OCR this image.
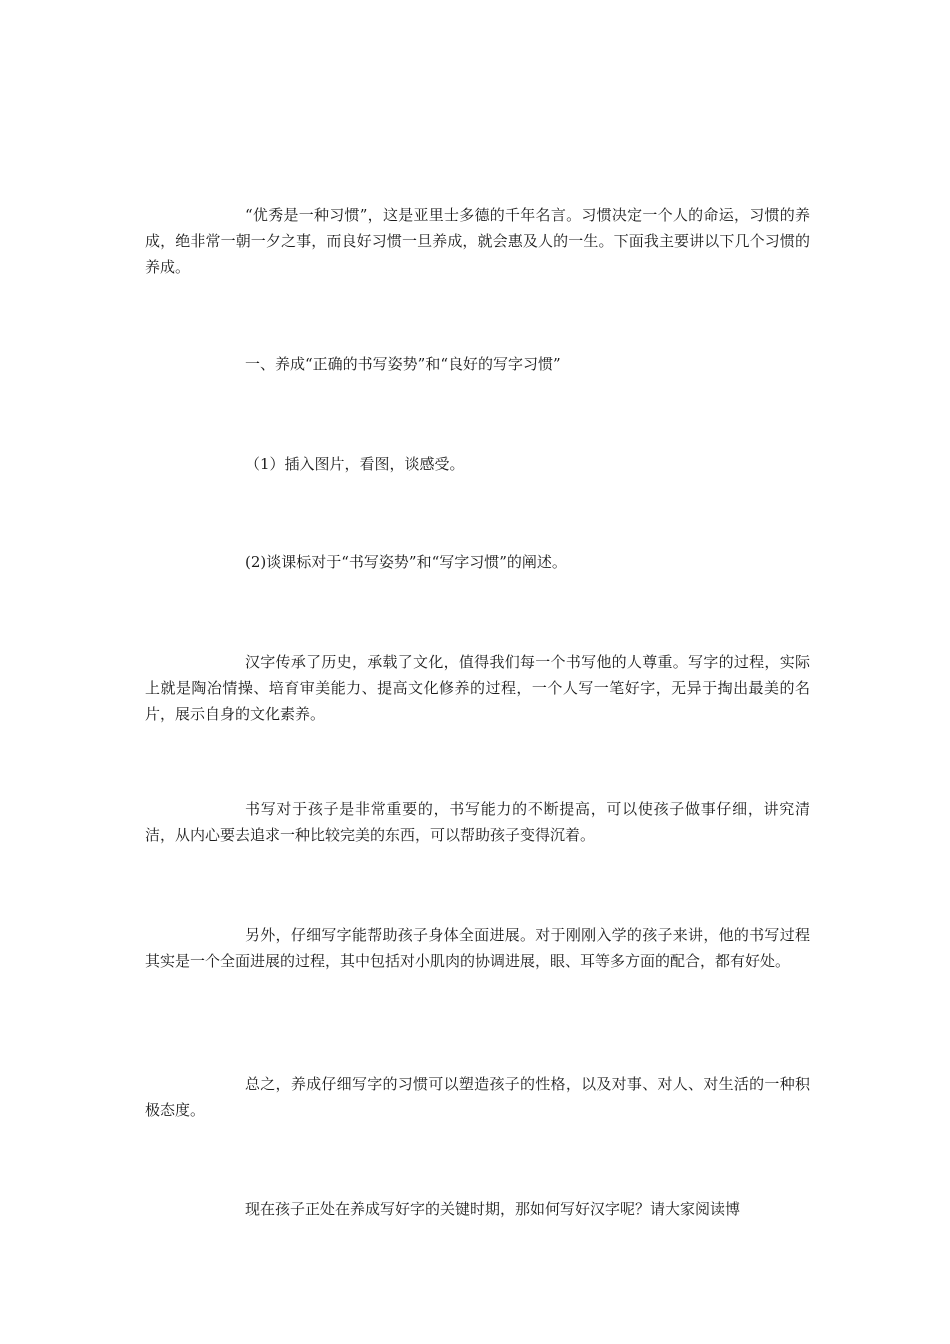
“优秀是一种习惯”，这是亚里士多德的千年名言。习惯决定一个人的命运，习惯的养成，绝非常一朝一夕之事，而良好习惯一旦养成，就会惠及人的一生。下面我主要讲以下几个习惯的养成。

一、养成“正确的书写姿势”和“良好的写字习惯”

（1）插入图片，看图，谈感受。

(2)谈课标对于“书写姿势”和“写字习惯”的阐述。

汉字传承了历史，承载了文化，值得我们每一个书写他的人尊重。写字的过程，实际上就是陶冶情操、培育审美能力、提高文化修养的过程，一个人写一笔好字，无异于掏出最美的名片，展示自身的文化素养。

书写对于孩子是非常重要的，书写能力的不断提高，可以使孩子做事仔细，讲究清洁，从内心要去追求一种比较完美的东西，可以帮助孩子变得沉着。

另外，仔细写字能帮助孩子身体全面进展。对于刚刚入学的孩子来讲，他的书写过程其实是一个全面进展的过程，其中包括对小肌肉的协调进展，眼、耳等多方面的配合，都有好处。

总之，养成仔细写字的习惯可以塑造孩子的性格，以及对事、对人、对生活的一种积极态度。

现在孩子正处在养成写好字的关键时期，那如何写好汉字呢？请大家阅读博
